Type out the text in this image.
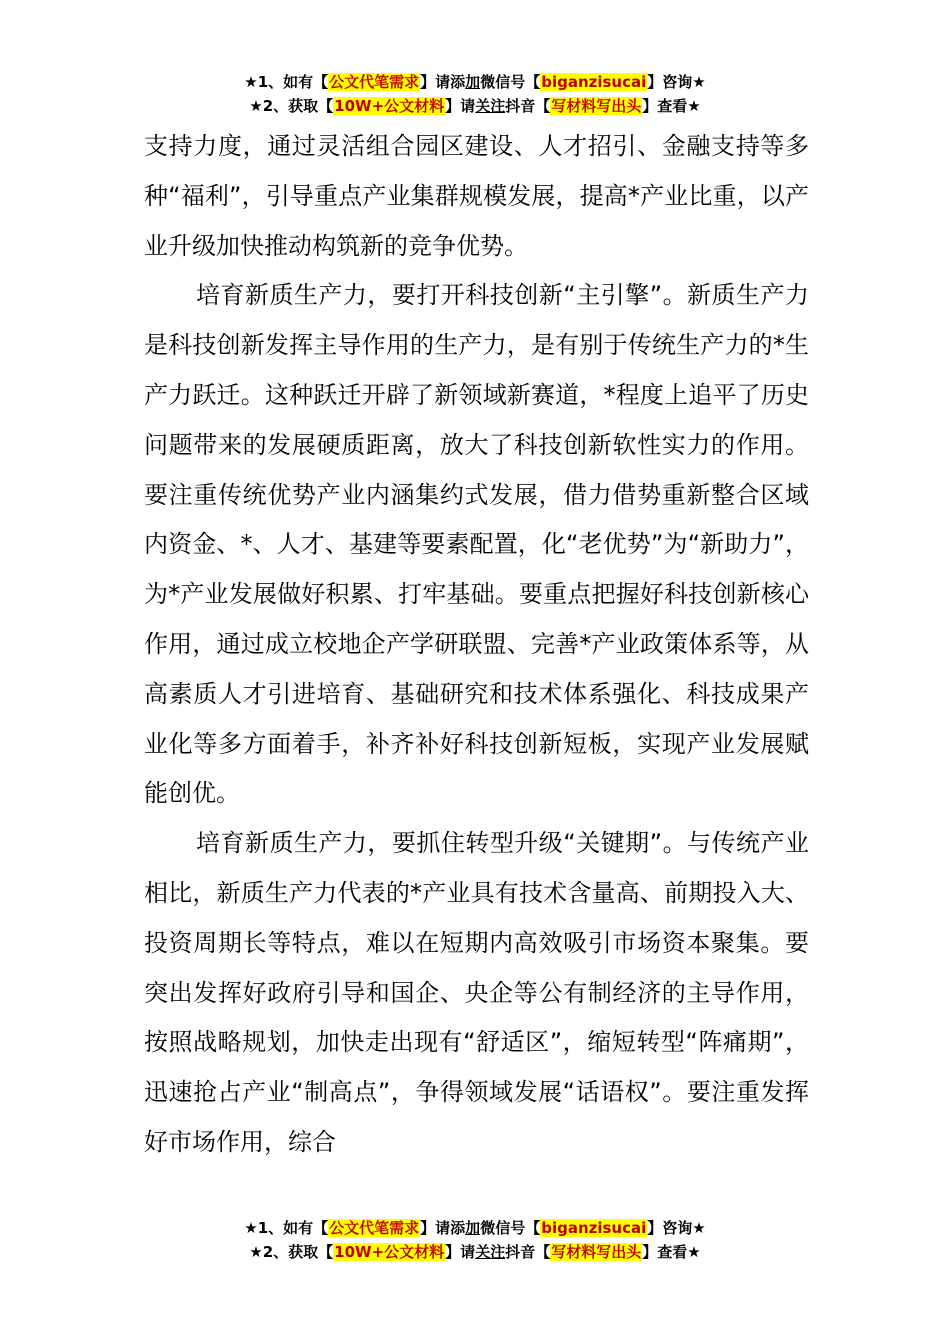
★1、如有【公文代笔需求】请添加微信号【biganzisucai】咨询★
★2、获取【10W+公文材料】请关注抖音【写材料写出头】查看★

支持力度，通过灵活组合园区建设、人才招引、金融支持等多种“福利”，引导重点产业集群规模发展，提高*产业比重，以产业升级加快推动构筑新的竞争优势。

培育新质生产力，要打开科技创新“主引擎”。新质生产力是科技创新发挥主导作用的生产力，是有别于传统生产力的*生产力跃迁。这种跃迁开辟了新领域新赛道，*程度上追平了历史问题带来的发展硬质距离，放大了科技创新软性实力的作用。要注重传统优势产业内涵集约式发展，借力借势重新整合区域内资金、*、人才、基建等要素配置，化“老优势”为“新助力”，为*产业发展做好积累、打牢基础。要重点把握好科技创新核心作用，通过成立校地企产学研联盟、完善*产业政策体系等，从高素质人才引进培育、基础研究和技术体系强化、科技成果产业化等多方面着手，补齐补好科技创新短板，实现产业发展赋能创优。

培育新质生产力，要抓住转型升级“关键期”。与传统产业相比，新质生产力代表的*产业具有技术含量高、前期投入大、投资周期长等特点，难以在短期内高效吸引市场资本聚集。要突出发挥好政府引导和国企、央企等公有制经济的主导作用，按照战略规划，加快走出现有“舒适区”，缩短转型“阵痛期”，迅速抢占产业“制高点”，争得领域发展“话语权”。要注重发挥好市场作用，综合

★1、如有【公文代笔需求】请添加微信号【biganzisucai】咨询★
★2、获取【10W+公文材料】请关注抖音【写材料写出头】查看★
